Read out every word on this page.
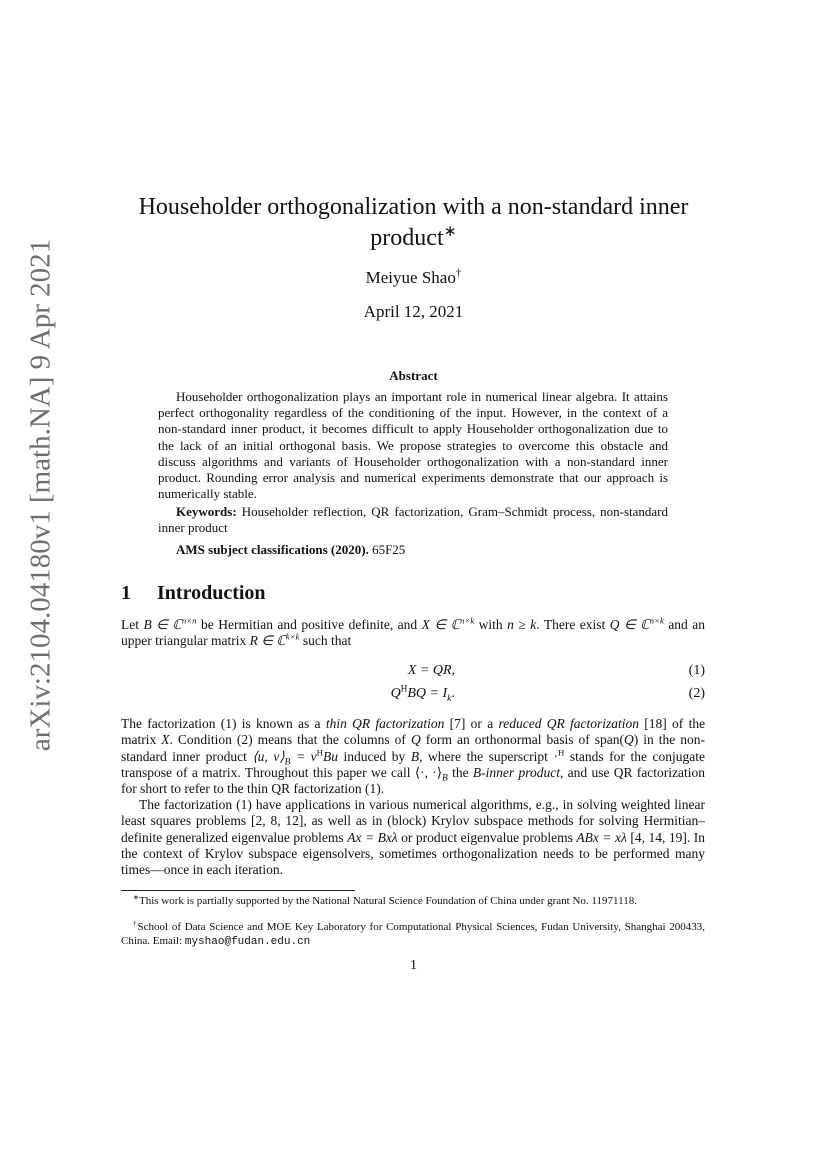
arXiv:2104.04180v1 [math.NA] 9 Apr 2021
Householder orthogonalization with a non-standard inner product∗
Meiyue Shao†
April 12, 2021
Abstract
Householder orthogonalization plays an important role in numerical linear algebra. It attains perfect orthogonality regardless of the conditioning of the input. However, in the context of a non-standard inner product, it becomes difficult to apply Householder orthogonalization due to the lack of an initial orthogonal basis. We propose strategies to overcome this obstacle and discuss algorithms and variants of Householder orthogonalization with a non-standard inner product. Rounding error analysis and numerical experiments demonstrate that our approach is numerically stable.
Keywords: Householder reflection, QR factorization, Gram–Schmidt process, non-standard inner product
AMS subject classifications (2020). 65F25
1 Introduction
Let B ∈ ℂ$^{n\times n}$ be Hermitian and positive definite, and X ∈ ℂ$^{n\times k}$ with n ≥ k. There exist Q ∈ ℂ$^{n\times k}$ and an upper triangular matrix R ∈ ℂ$^{k\times k}$ such that
X = QR,	(1)
$Q^HBQ = I_k$.	(2)
The factorization (1) is known as a thin QR factorization [7] or a reduced QR factorization [18] of the matrix X. Condition (2) means that the columns of Q form an orthonormal basis of span(Q) in the non-standard inner product ⟨u, $v⟩_B = v^HBu$ induced by B, where the superscript ·$^H$ stands for the conjugate transpose of a matrix. Throughout this paper we call ⟨·, $\cdot⟩_B$ the B-inner product, and use QR factorization for short to refer to the thin QR factorization (1).
The factorization (1) have applications in various numerical algorithms, e.g., in solving weighted linear least squares problems [2, 8, 12], as well as in (block) Krylov subspace methods for solving Hermitian–definite generalized eigenvalue problems Ax = Bxλ or product eigenvalue problems ABx = xλ [4, 14, 19]. In the context of Krylov subspace eigensolvers, sometimes orthogonalization needs to be performed many times—once in each iteration.
∗This work is partially supported by the National Natural Science Foundation of China under grant No. 11971118.
†School of Data Science and MOE Key Laboratory for Computational Physical Sciences, Fudan University, Shanghai 200433, China. Email: myshao@fudan.edu.cn
1
